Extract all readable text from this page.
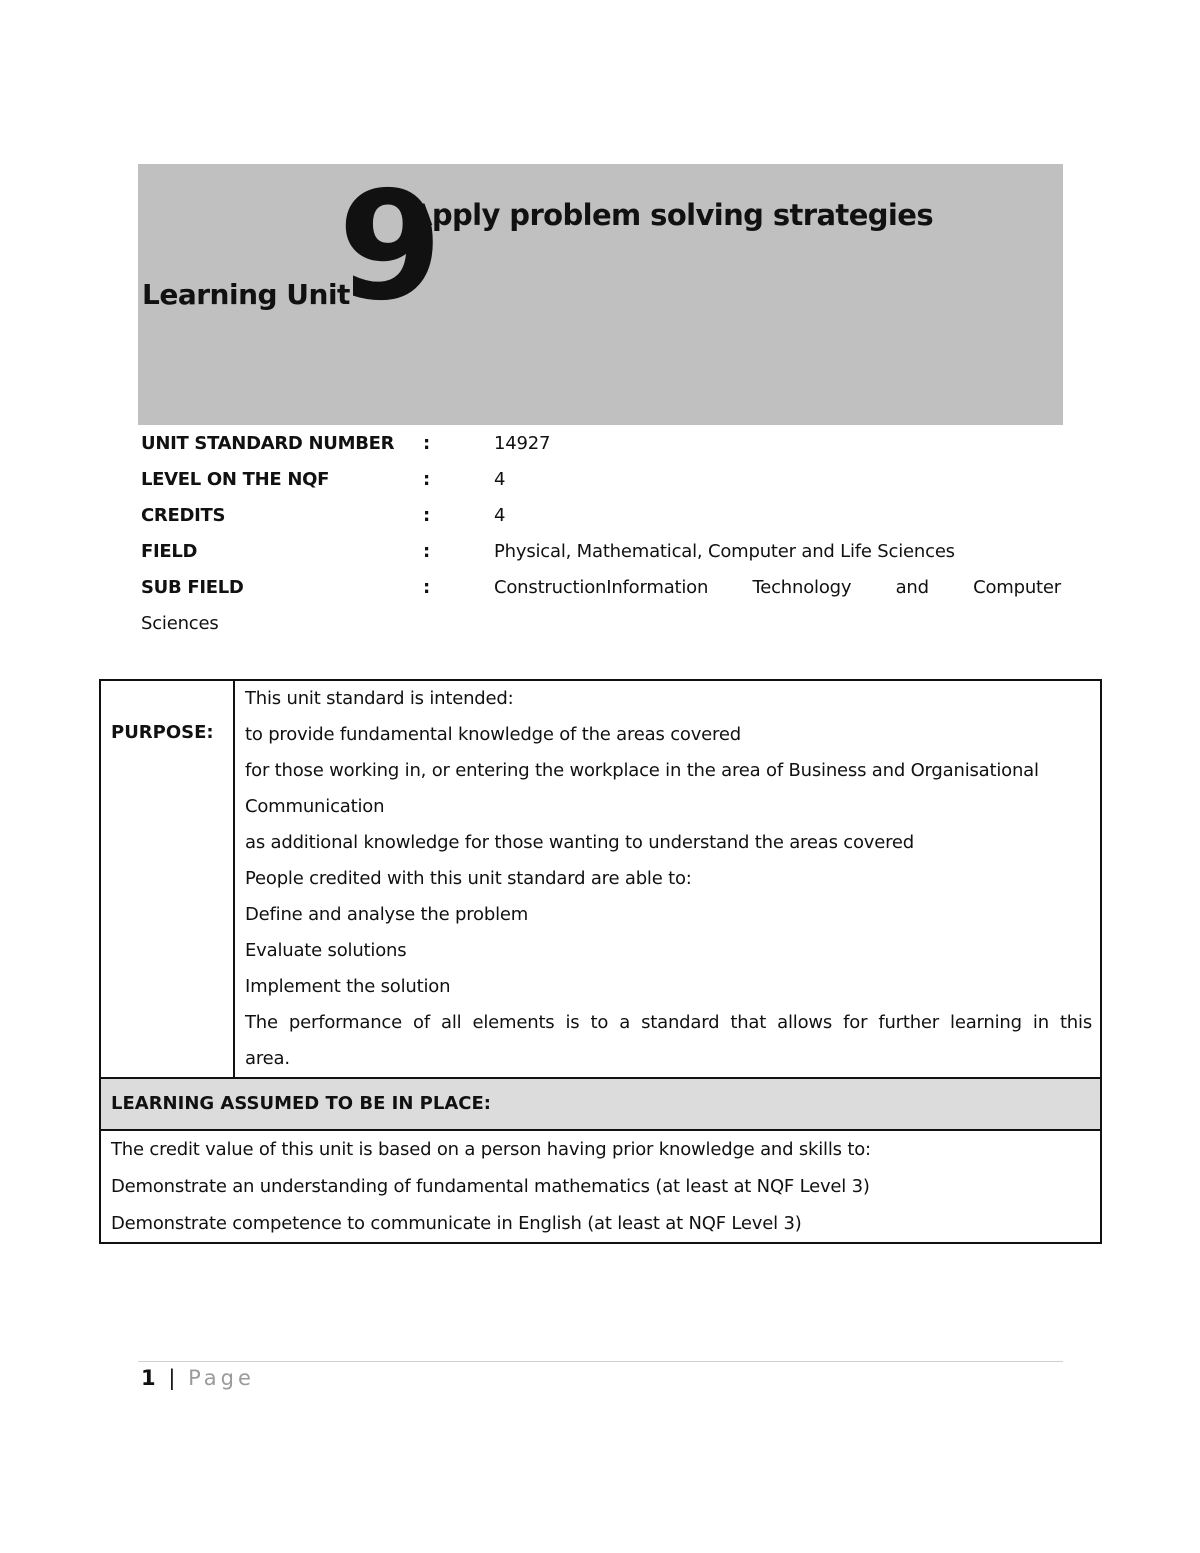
Learning Unit
9
Apply problem solving strategies
UNIT STANDARD NUMBER :	14927
LEVEL ON THE NQF	:	4
CREDITS	:	4
FIELD	:	Physical, Mathematical, Computer and Life Sciences
SUB FIELD	:	ConstructionInformation Technology and Computer
Sciences
PURPOSE:	
This unit standard is intended:
to provide fundamental knowledge of the areas covered
for those working in, or entering the workplace in the area of Business and Organisational
Communication
as additional knowledge for those wanting to understand the areas covered
People credited with this unit standard are able to:
Define and analyse the problem
Evaluate solutions
Implement the solution
The performance of all elements is to a standard that allows for further learning in this
area.

LEARNING ASSUMED TO BE IN PLACE:

The credit value of this unit is based on a person having prior knowledge and skills to:
Demonstrate an understanding of fundamental mathematics (at least at NQF Level 3)
Demonstrate competence to communicate in English (at least at NQF Level 3)
1 | Page
